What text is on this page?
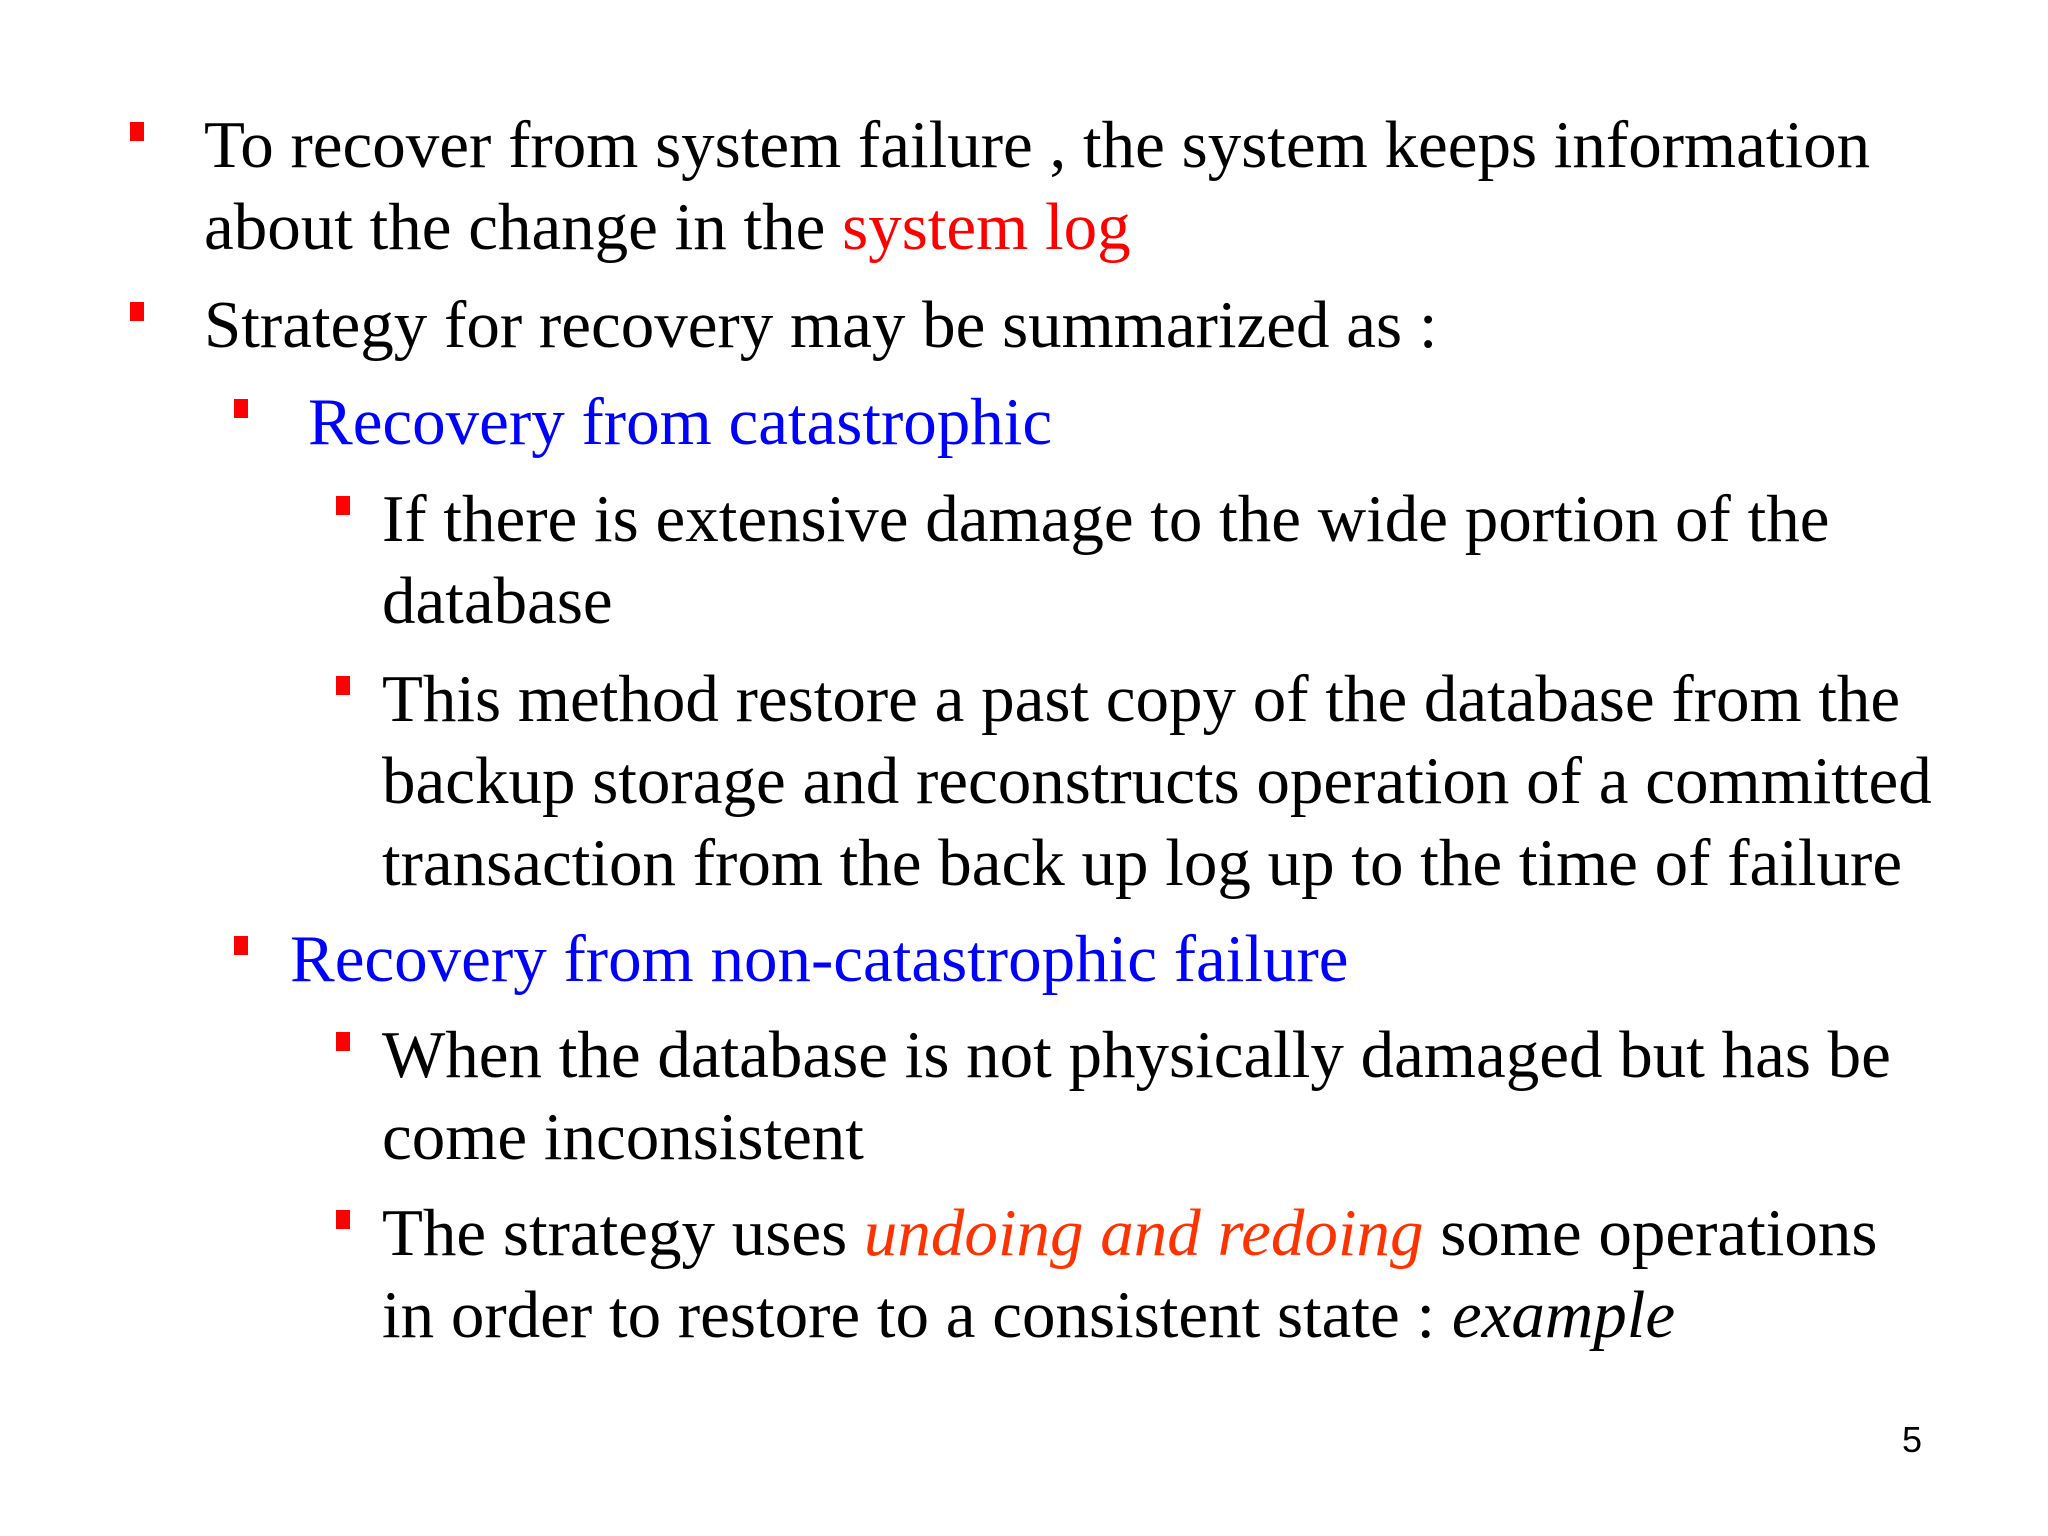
To recover from system failure , the system keeps information
about the change in the system log
Strategy for recovery may be summarized as :
Recovery from catastrophic
If there is extensive damage to the wide portion of the
database
This method restore a past copy of the database from the
backup storage and reconstructs operation of a committed
transaction from the back up log up to the time of failure
Recovery from non-catastrophic failure
When the database is not physically damaged but has be
come inconsistent
The strategy uses undoing and redoing some operations
in order to restore to a consistent state : example
5
